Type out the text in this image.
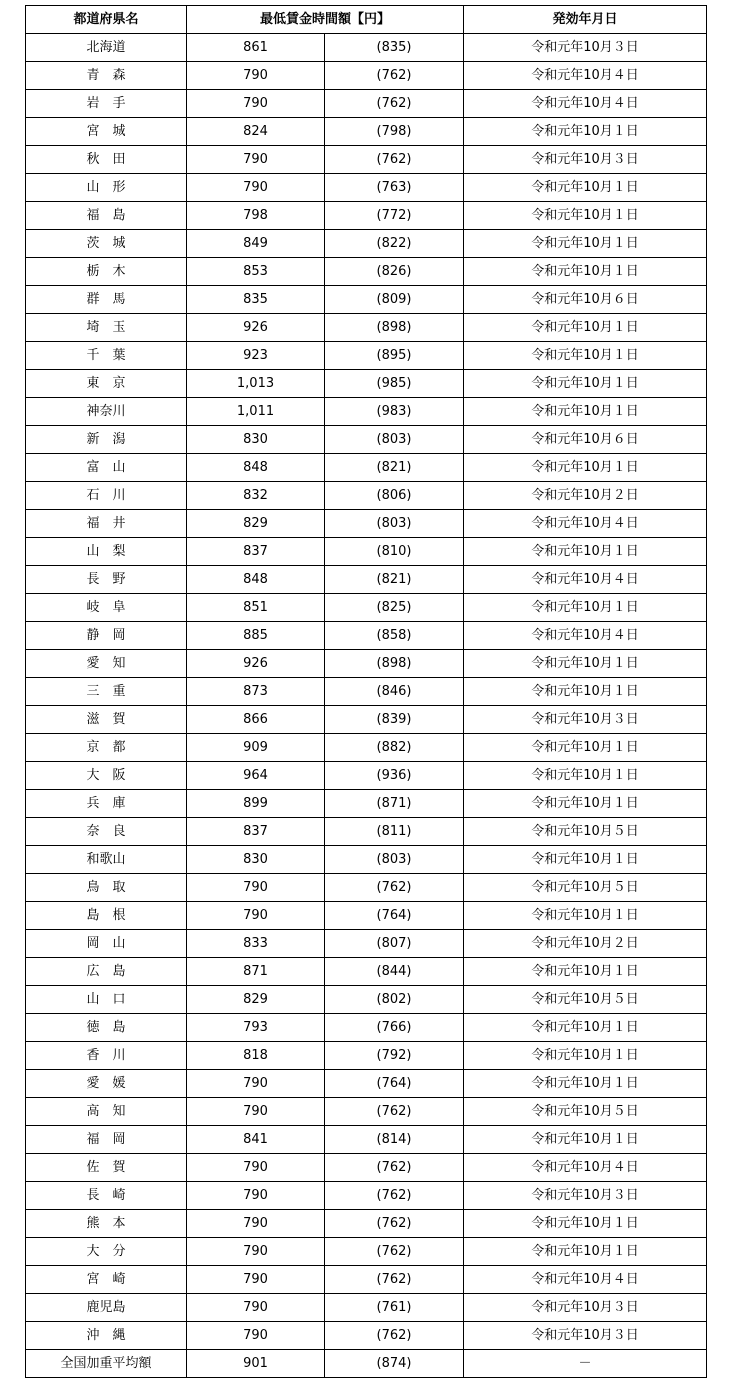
都道府県名	最低賃金時間額【円】		発効年月日
北海道	861	(835)	令和元年10月３日
青　森	790	(762)	令和元年10月４日
岩　手	790	(762)	令和元年10月４日
宮　城	824	(798)	令和元年10月１日
秋　田	790	(762)	令和元年10月３日
山　形	790	(763)	令和元年10月１日
福　島	798	(772)	令和元年10月１日
茨　城	849	(822)	令和元年10月１日
栃　木	853	(826)	令和元年10月１日
群　馬	835	(809)	令和元年10月６日
埼　玉	926	(898)	令和元年10月１日
千　葉	923	(895)	令和元年10月１日
東　京	1,013	(985)	令和元年10月１日
神奈川	1,011	(983)	令和元年10月１日
新　潟	830	(803)	令和元年10月６日
富　山	848	(821)	令和元年10月１日
石　川	832	(806)	令和元年10月２日
福　井	829	(803)	令和元年10月４日
山　梨	837	(810)	令和元年10月１日
長　野	848	(821)	令和元年10月４日
岐　阜	851	(825)	令和元年10月１日
静　岡	885	(858)	令和元年10月４日
愛　知	926	(898)	令和元年10月１日
三　重	873	(846)	令和元年10月１日
滋　賀	866	(839)	令和元年10月３日
京　都	909	(882)	令和元年10月１日
大　阪	964	(936)	令和元年10月１日
兵　庫	899	(871)	令和元年10月１日
奈　良	837	(811)	令和元年10月５日
和歌山	830	(803)	令和元年10月１日
鳥　取	790	(762)	令和元年10月５日
島　根	790	(764)	令和元年10月１日
岡　山	833	(807)	令和元年10月２日
広　島	871	(844)	令和元年10月１日
山　口	829	(802)	令和元年10月５日
徳　島	793	(766)	令和元年10月１日
香　川	818	(792)	令和元年10月１日
愛　媛	790	(764)	令和元年10月１日
高　知	790	(762)	令和元年10月５日
福　岡	841	(814)	令和元年10月１日
佐　賀	790	(762)	令和元年10月４日
長　崎	790	(762)	令和元年10月３日
熊　本	790	(762)	令和元年10月１日
大　分	790	(762)	令和元年10月１日
宮　崎	790	(762)	令和元年10月４日
鹿児島	790	(761)	令和元年10月３日
沖　縄	790	(762)	令和元年10月３日
全国加重平均額	901	(874)	－
